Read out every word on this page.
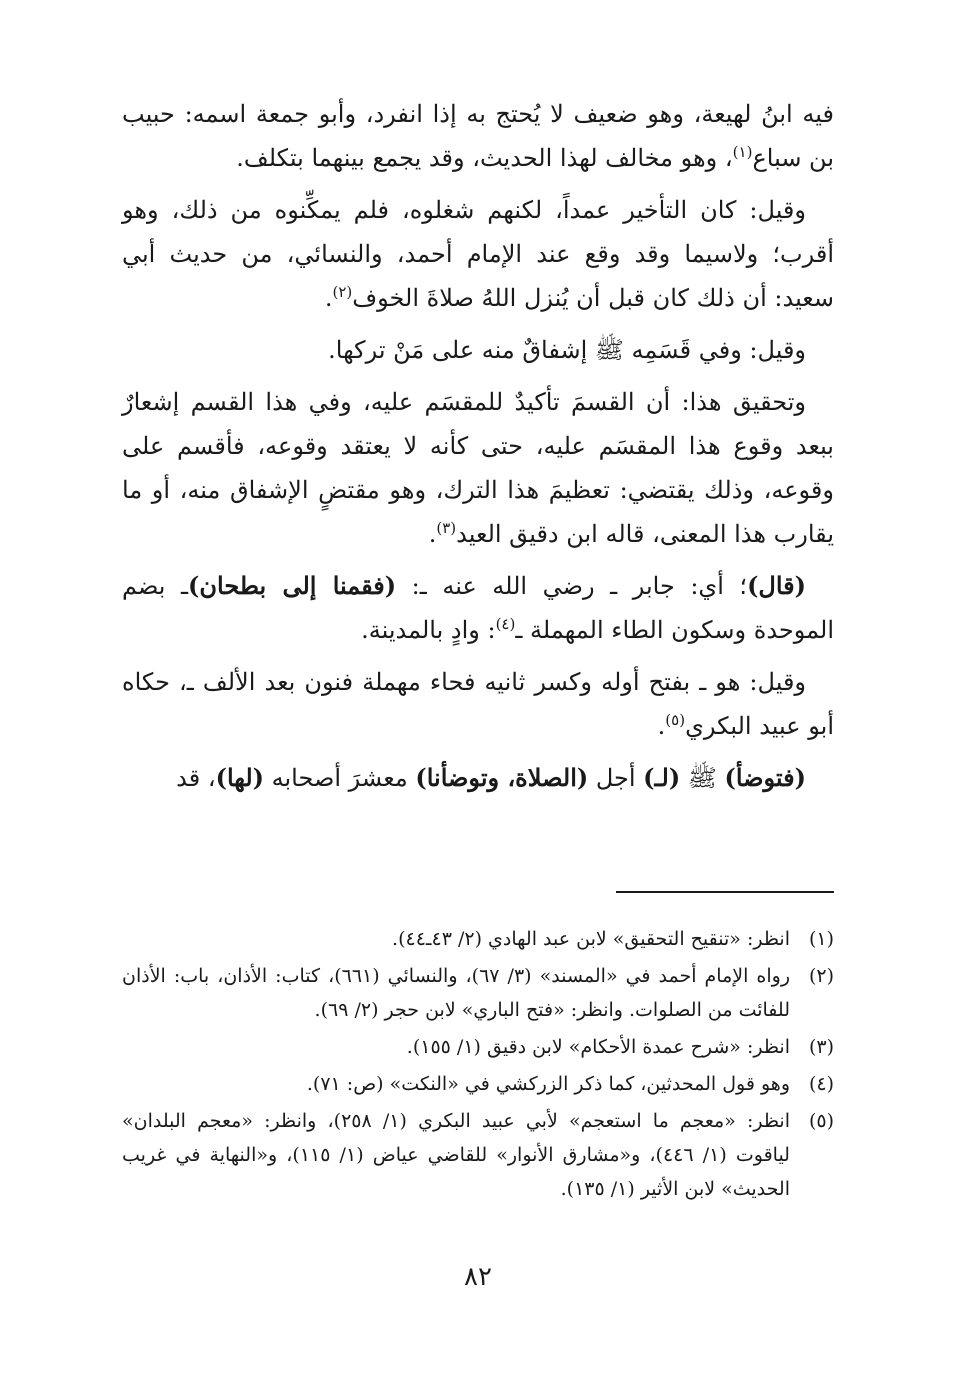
فيه ابنُ لهيعة، وهو ضعيف لا يُحتج به إذا انفرد، وأبو جمعة اسمه: حبيب بن سباع$^{(١)}$، وهو مخالف لهذا الحديث، وقد يجمع بينهما بتكلف.

وقيل: كان التأخير عمداً، لكنهم شغلوه، فلم يمكِّنوه من ذلك، وهو أقرب؛ ولاسيما وقد وقع عند الإمام أحمد، والنسائي، من حديث أبي سعيد: أن ذلك كان قبل أن يُنزل اللهُ صلاةَ الخوف$^{(٢)}$.

وقيل: وفي قَسَمِه ﷺ إشفاقٌ منه على مَنْ تركها.

وتحقيق هذا: أن القسمَ تأكيدٌ للمقسَم عليه، وفي هذا القسم إشعارٌ ببعد وقوع هذا المقسَم عليه، حتى كأنه لا يعتقد وقوعه، فأقسم على وقوعه، وذلك يقتضي: تعظيمَ هذا الترك، وهو مقتضٍ الإشفاق منه، أو ما يقارب هذا المعنى، قاله ابن دقيق العيد$^{(٣)}$.

(قال)؛ أي: جابر ـ رضي الله عنه ـ: (فقمنا إلى بطحان)ـ بضم الموحدة وسكون الطاء المهملة ـ$^{(٤)}$: وادٍ بالمدينة.

وقيل: هو ـ بفتح أوله وكسر ثانيه فحاء مهملة فنون بعد الألف ـ، حكاه أبو عبيد البكري$^{(٥)}$.

(فتوضأ) ﷺ (لـ) أجل (الصلاة، وتوضأنا) معشرَ أصحابه (لها)، قد

(١)
انظر: «تنقيح التحقيق» لابن عبد الهادي (٢/ ٤٣ـ٤٤).
(٢)
رواه الإمام أحمد في «المسند» (٣/ ٦٧)، والنسائي (٦٦١)، كتاب: الأذان، باب: الأذان للفائت من الصلوات. وانظر: «فتح الباري» لابن حجر (٢/ ٦٩).
(٣)
انظر: «شرح عمدة الأحكام» لابن دقيق (١/ ١٥٥).
(٤)
وهو قول المحدثين، كما ذكر الزركشي في «النكت» (ص: ٧١).
(٥)
انظر: «معجم ما استعجم» لأبي عبيد البكري (١/ ٢٥٨)، وانظر: «معجم البلدان» لياقوت (١/ ٤٤٦)، و«مشارق الأنوار» للقاضي عياض (١/ ١١٥)، و«النهاية في غريب الحديث» لابن الأثير (١/ ١٣٥).
٨٢
